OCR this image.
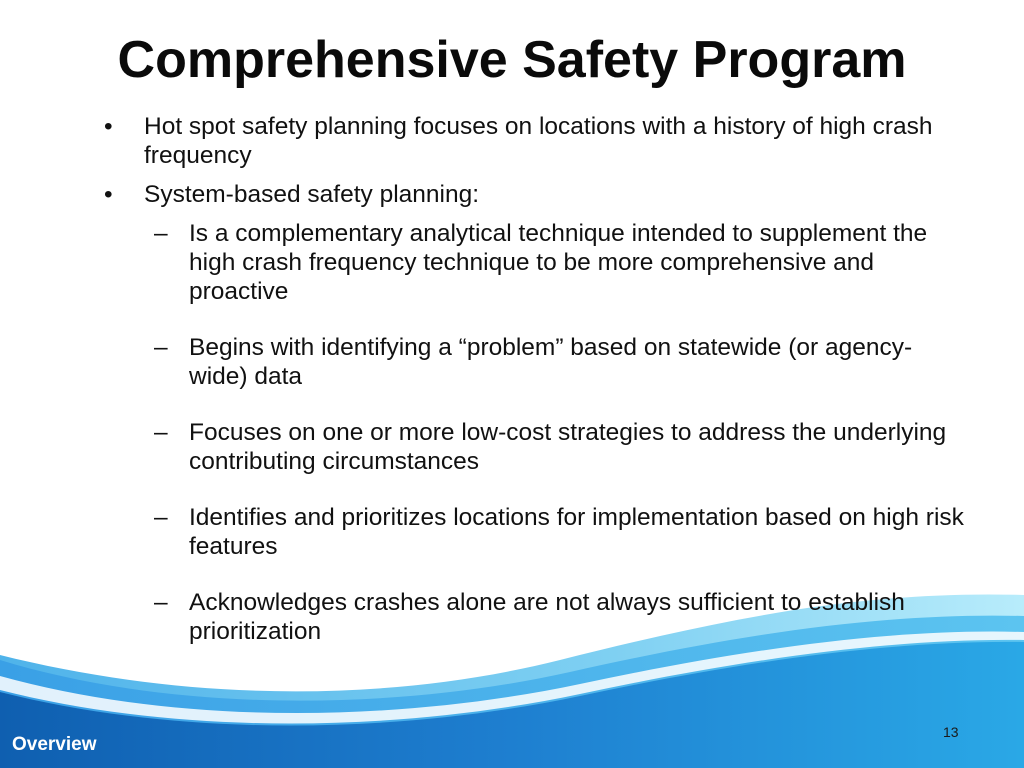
Comprehensive Safety Program
•	Hot spot safety planning focuses on locations with a history of high crash frequency
•	System-based safety planning:
– Is a complementary analytical technique intended to supplement the high crash frequency technique to be more comprehensive and proactive
– Begins with identifying a “problem” based on statewide (or agency-wide) data
– Focuses on one or more low-cost strategies to address the underlying contributing circumstances
– Identifies and prioritizes locations for implementation based on high risk features
– Acknowledges crashes alone are not always sufficient to establish prioritization
Overview
13
